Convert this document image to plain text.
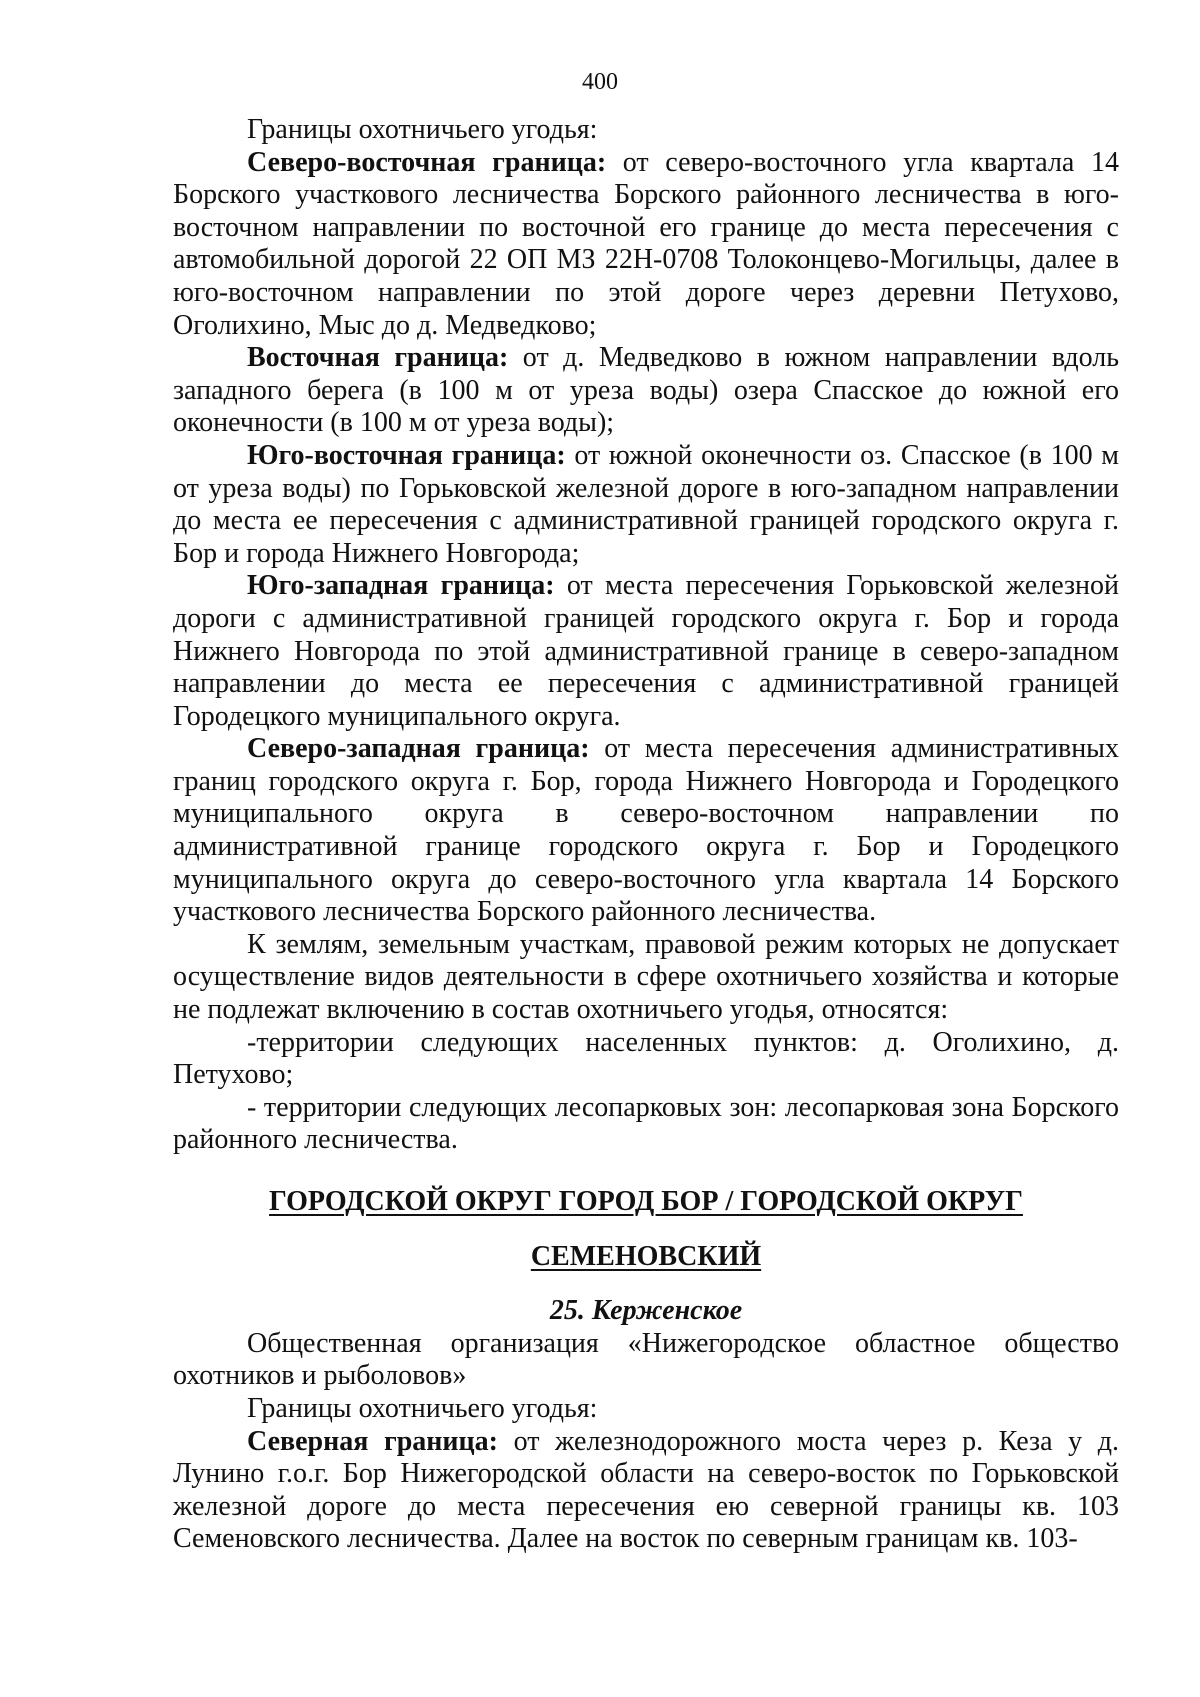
400

Границы охотничьего угодья:

Северо-восточная граница: от северо-восточного угла квартала 14 Борского участкового лесничества Борского районного лесничества в юго-восточном направлении по восточной его границе до места пересечения с автомобильной дорогой 22 ОП МЗ 22Н-0708 Толоконцево-Могильцы, далее в юго-восточном направлении по этой дороге через деревни Петухово, Оголихино, Мыс до д. Медведково;

Восточная граница: от д. Медведково в южном направлении вдоль западного берега (в 100 м от уреза воды) озера Спасское до южной его оконечности (в 100 м от уреза воды);

Юго-восточная граница: от южной оконечности оз. Спасское (в 100 м от уреза воды) по Горьковской железной дороге в юго-западном направлении до места ее пересечения с административной границей городского округа г. Бор и города Нижнего Новгорода;

Юго-западная граница: от места пересечения Горьковской железной дороги с административной границей городского округа г. Бор и города Нижнего Новгорода по этой административной границе в северо-западном направлении до места ее пересечения с административной границей Городецкого муниципального округа.

Северо-западная граница: от места пересечения административных границ городского округа г. Бор, города Нижнего Новгорода и Городецкого муниципального округа в северо-восточном направлении по административной границе городского округа г. Бор и Городецкого муниципального округа до северо-восточного угла квартала 14 Борского участкового лесничества Борского районного лесничества.

К землям, земельным участкам, правовой режим которых не допускает осуществление видов деятельности в сфере охотничьего хозяйства и которые не подлежат включению в состав охотничьего угодья, относятся:

-территории следующих населенных пунктов: д. Оголихино, д. Петухово;

- территории следующих лесопарковых зон: лесопарковая зона Борского районного лесничества.

ГОРОДСКОЙ ОКРУГ ГОРОД БОР / ГОРОДСКОЙ ОКРУГ

СЕМЕНОВСКИЙ

25. Керженское

Общественная организация «Нижегородское областное общество охотников и рыболовов»

Границы охотничьего угодья:

Северная граница: от железнодорожного моста через р. Кеза у д. Лунино г.о.г. Бор Нижегородской области на северо-восток по Горьковской железной дороге до места пересечения ею северной границы кв. 103 Семеновского лесничества. Далее на восток по северным границам кв. 103-
